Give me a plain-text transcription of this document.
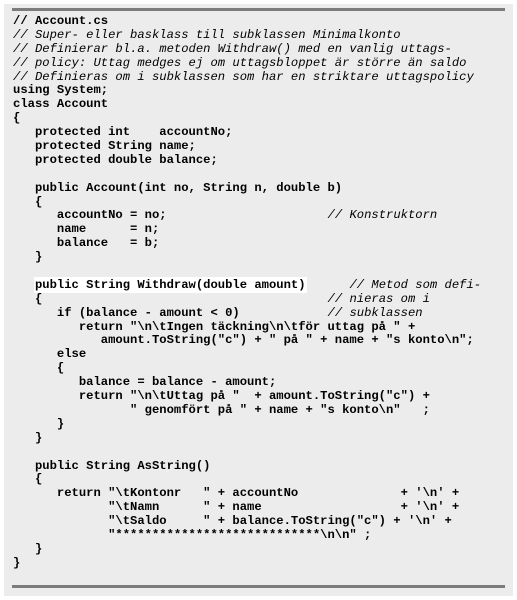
// Account.cs
// Super- eller basklass till subklassen Minimalkonto
// Definierar bl.a. metoden Withdraw() med en vanlig uttags-
// policy: Uttag medges ej om uttagsbloppet är större än saldo
// Definieras om i subklassen som har en striktare uttagspolicy
using System;
class Account
{
protected int    accountNo;
protected String name;
protected double balance;
public Account(int no, String n, double b)
{
accountNo = no;                      // Konstruktorn
name      = n;
balance   = b;
}
public String Withdraw(double amount)	// Metod som defi-
{                                       // nieras om i
if (balance - amount < 0)            // subklassen
return "\n\tIngen täckning\n\tför uttag på " +
amount.ToString("c") + " på " + name + "s konto\n";
else
{
balance = balance - amount;
return "\n\tUttag på "  + amount.ToString("c") +
" genomfört på " + name + "s konto\n"   ;
}
}
public String AsString()
{
return "\tKontonr   " + accountNo              + '\n' +
"\tNamn      " + name                   + '\n' +
"\tSaldo     " + balance.ToString("c") + '\n' +
"****************************\n\n" ;
}
}
